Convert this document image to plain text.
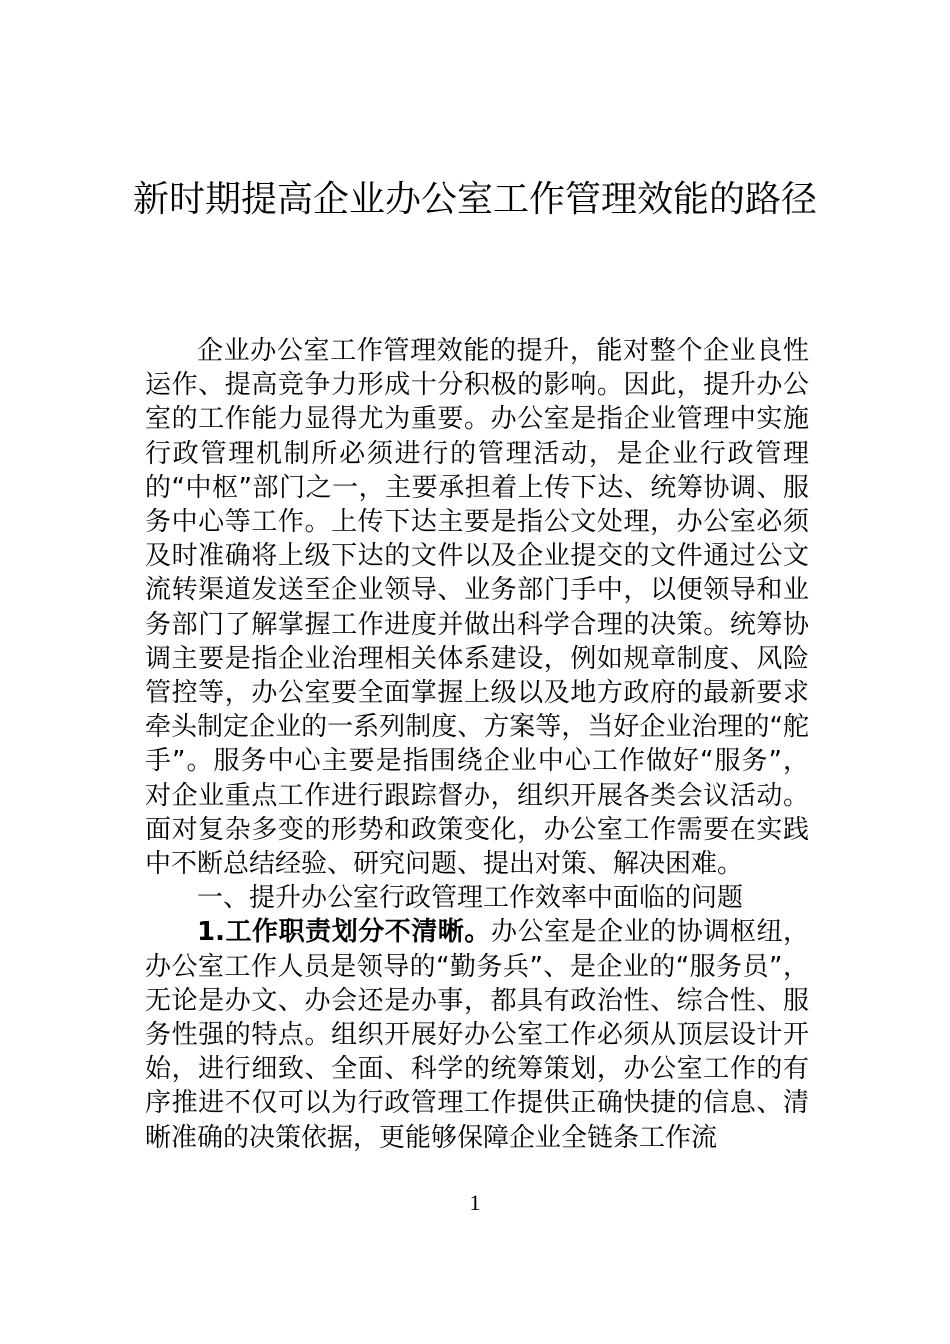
新时期提高企业办公室工作管理效能的路径

企业办公室工作管理效能的提升，能对整个企业良性运作、提高竞争力形成十分积极的影响。因此，提升办公室的工作能力显得尤为重要。办公室是指企业管理中实施行政管理机制所必须进行的管理活动，是企业行政管理的“中枢”部门之一，主要承担着上传下达、统筹协调、服务中心等工作。上传下达主要是指公文处理，办公室必须及时准确将上级下达的文件以及企业提交的文件通过公文流转渠道发送至企业领导、业务部门手中，以便领导和业务部门了解掌握工作进度并做出科学合理的决策。统筹协调主要是指企业治理相关体系建设，例如规章制度、风险管控等，办公室要全面掌握上级以及地方政府的最新要求牵头制定企业的一系列制度、方案等，当好企业治理的“舵手”。服务中心主要是指围绕企业中心工作做好“服务”，对企业重点工作进行跟踪督办，组织开展各类会议活动。面对复杂多变的形势和政策变化，办公室工作需要在实践中不断总结经验、研究问题、提出对策、解决困难。

一、提升办公室行政管理工作效率中面临的问题

1.工作职责划分不清晰。办公室是企业的协调枢纽，办公室工作人员是领导的“勤务兵”、是企业的“服务员”，无论是办文、办会还是办事，都具有政治性、综合性、服务性强的特点。组织开展好办公室工作必须从顶层设计开始，进行细致、全面、科学的统筹策划，办公室工作的有序推进不仅可以为行政管理工作提供正确快捷的信息、清晰准确的决策依据，更能够保障企业全链条工作流

1
